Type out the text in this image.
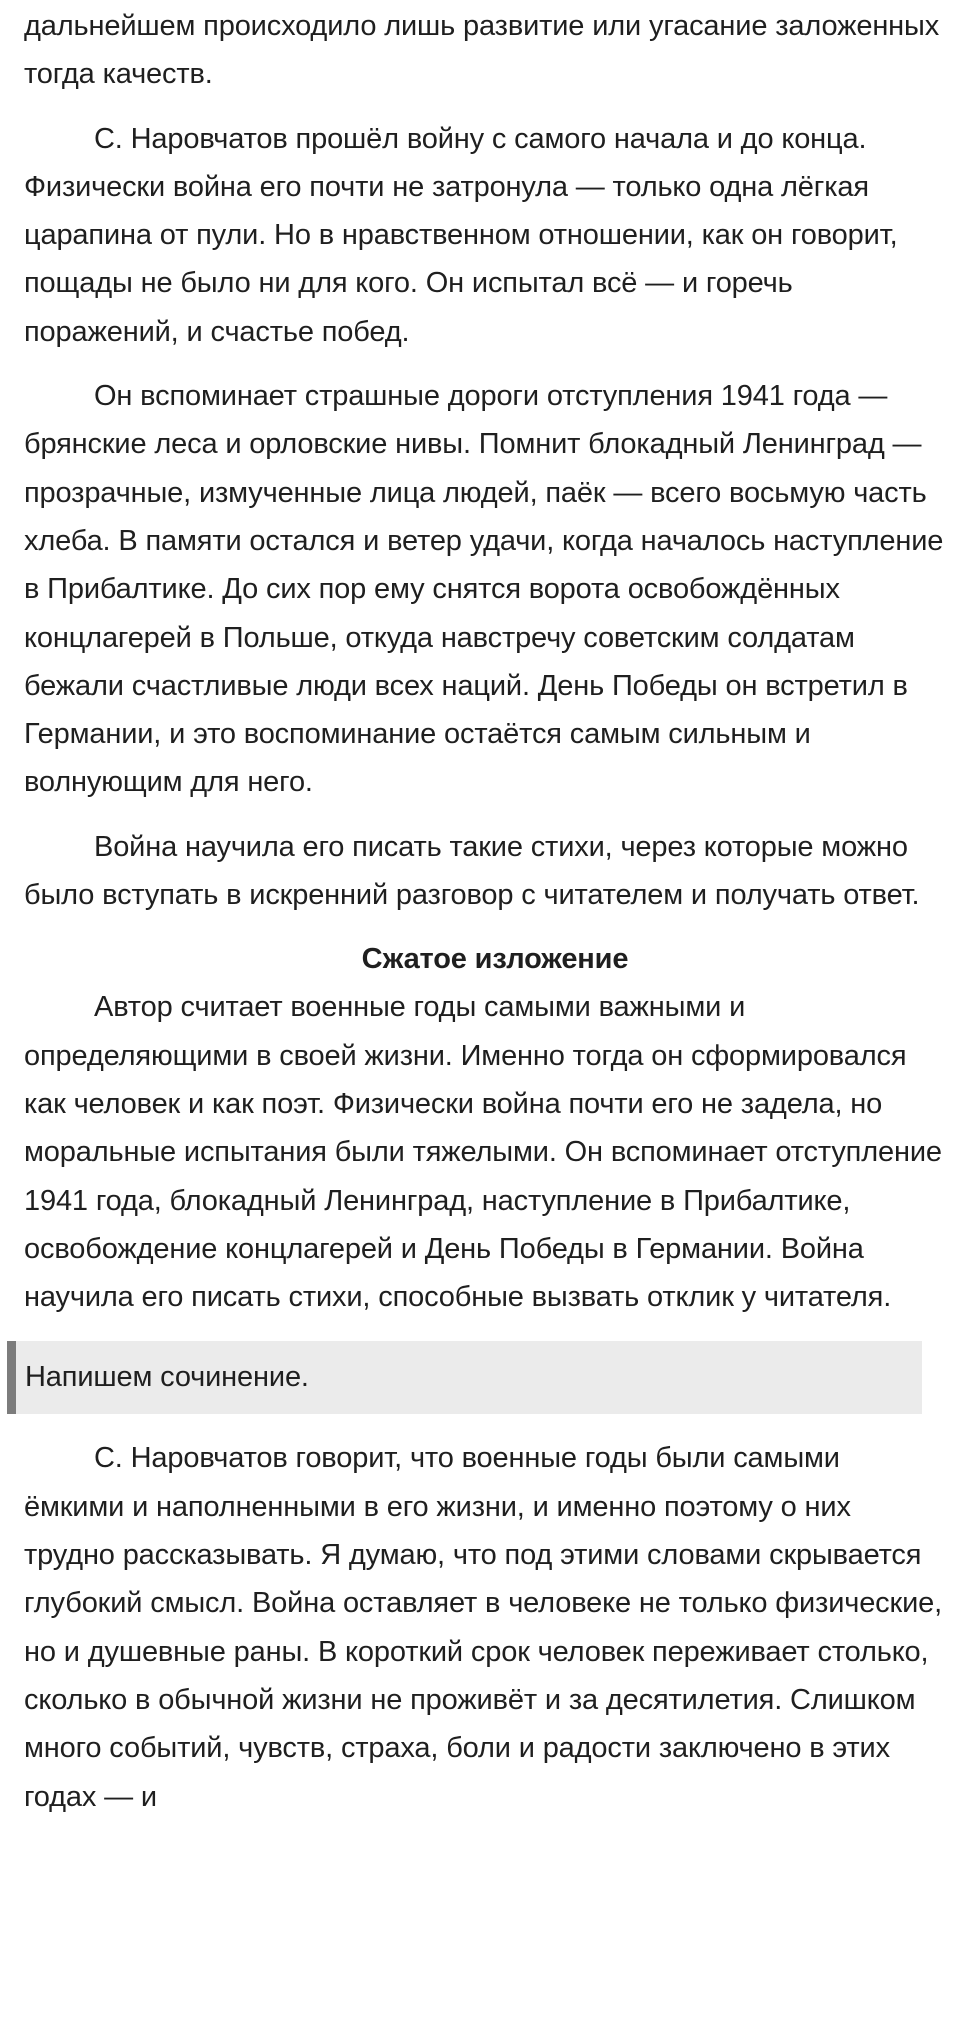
дальнейшем происходило лишь развитие или угасание заложенных тогда качеств.

С. Наровчатов прошёл войну с самого начала и до конца. Физически война его почти не затронула — только одна лёгкая царапина от пули. Но в нравственном отношении, как он говорит, пощады не было ни для кого. Он испытал всё — и горечь поражений, и счастье побед.

Он вспоминает страшные дороги отступления 1941 года — брянские леса и орловские нивы. Помнит блокадный Ленинград — прозрачные, измученные лица людей, паёк — всего восьмую часть хлеба. В памяти остался и ветер удачи, когда началось наступление в Прибалтике. До сих пор ему снятся ворота освобождённых концлагерей в Польше, откуда навстречу советским солдатам бежали счастливые люди всех наций. День Победы он встретил в Германии, и это воспоминание остаётся самым сильным и волнующим для него.

Война научила его писать такие стихи, через которые можно было вступать в искренний разговор с читателем и получать ответ.

Сжатое изложение

Автор считает военные годы самыми важными и определяющими в своей жизни. Именно тогда он сформировался как человек и как поэт. Физически война почти его не задела, но моральные испытания были тяжелыми. Он вспоминает отступление 1941 года, блокадный Ленинград, наступление в Прибалтике, освобождение концлагерей и День Победы в Германии. Война научила его писать стихи, способные вызвать отклик у читателя.

Напишем сочинение.

С. Наровчатов говорит, что военные годы были самыми ёмкими и наполненными в его жизни, и именно поэтому о них трудно рассказывать. Я думаю, что под этими словами скрывается глубокий смысл. Война оставляет в человеке не только физические, но и душевные раны. В короткий срок человек переживает столько, сколько в обычной жизни не проживёт и за десятилетия. Слишком много событий, чувств, страха, боли и радости заключено в этих годах — и
